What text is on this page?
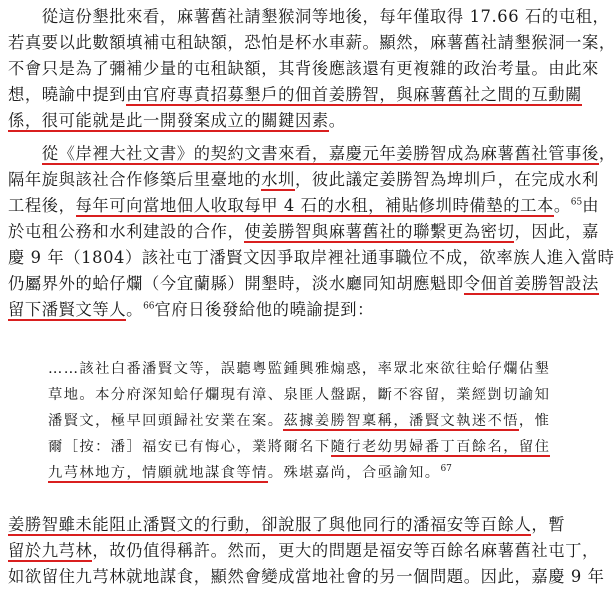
　　從這份墾批來看，麻薯舊社請墾猴洞等地後，每年僅取得 17.66 石的屯租，
若真要以此數額填補屯租缺額，恐怕是杯水車薪。顯然，麻薯舊社請墾猴洞一案，
不會只是為了彌補少量的屯租缺額，其背後應該還有更複雜的政治考量。由此來
想，曉諭中提到由官府專責招募墾戶的佃首姜勝智，與麻薯舊社之間的互動關
係，很可能就是此一開發案成立的關鍵因素。
　　從《岸裡大社文書》的契約文書來看，嘉慶元年姜勝智成為麻薯舊社管事後，
隔年旋與該社合作修築后里臺地的水圳，彼此議定姜勝智為埤圳戶，在完成水利
工程後，每年可向當地佃人收取每甲 4 石的水租，補貼修圳時備墊的工本。$^{65}$由
於屯租公務和水利建設的合作，使姜勝智與麻薯舊社的聯繫更為密切，因此，嘉
慶 9 年（1804）該社屯丁潘賢文因爭取岸裡社通事職位不成，欲率族人進入當時
仍屬界外的蛤仔爛（今宜蘭縣）開墾時，淡水廳同知胡應魁即令佃首姜勝智設法
留下潘賢文等人。$^{66}$官府日後發給他的曉諭提到：
……該社白番潘賢文等，誤聽粵監鍾興雅煽惑，率眾北來欲往蛤仔爛佔墾
草地。本分府深知蛤仔爛現有漳、泉匪人盤踞，斷不容留，業經剴切諭知
潘賢文，極早回頭歸社安業在案。茲據姜勝智稟稱，潘賢文執迷不悟，惟
爾［按：潘］福安已有悔心，業將爾名下隨行老幼男婦番丁百餘名，留住
九芎林地方，情願就地謀食等情。殊堪嘉尚，合亟諭知。$^{67}$
姜勝智雖未能阻止潘賢文的行動，卻說服了與他同行的潘福安等百餘人，暫
留於九芎林，故仍值得稱許。然而，更大的問題是福安等百餘名麻薯舊社屯丁，
如欲留住九芎林就地謀食，顯然會變成當地社會的另一個問題。因此，嘉慶 9 年
